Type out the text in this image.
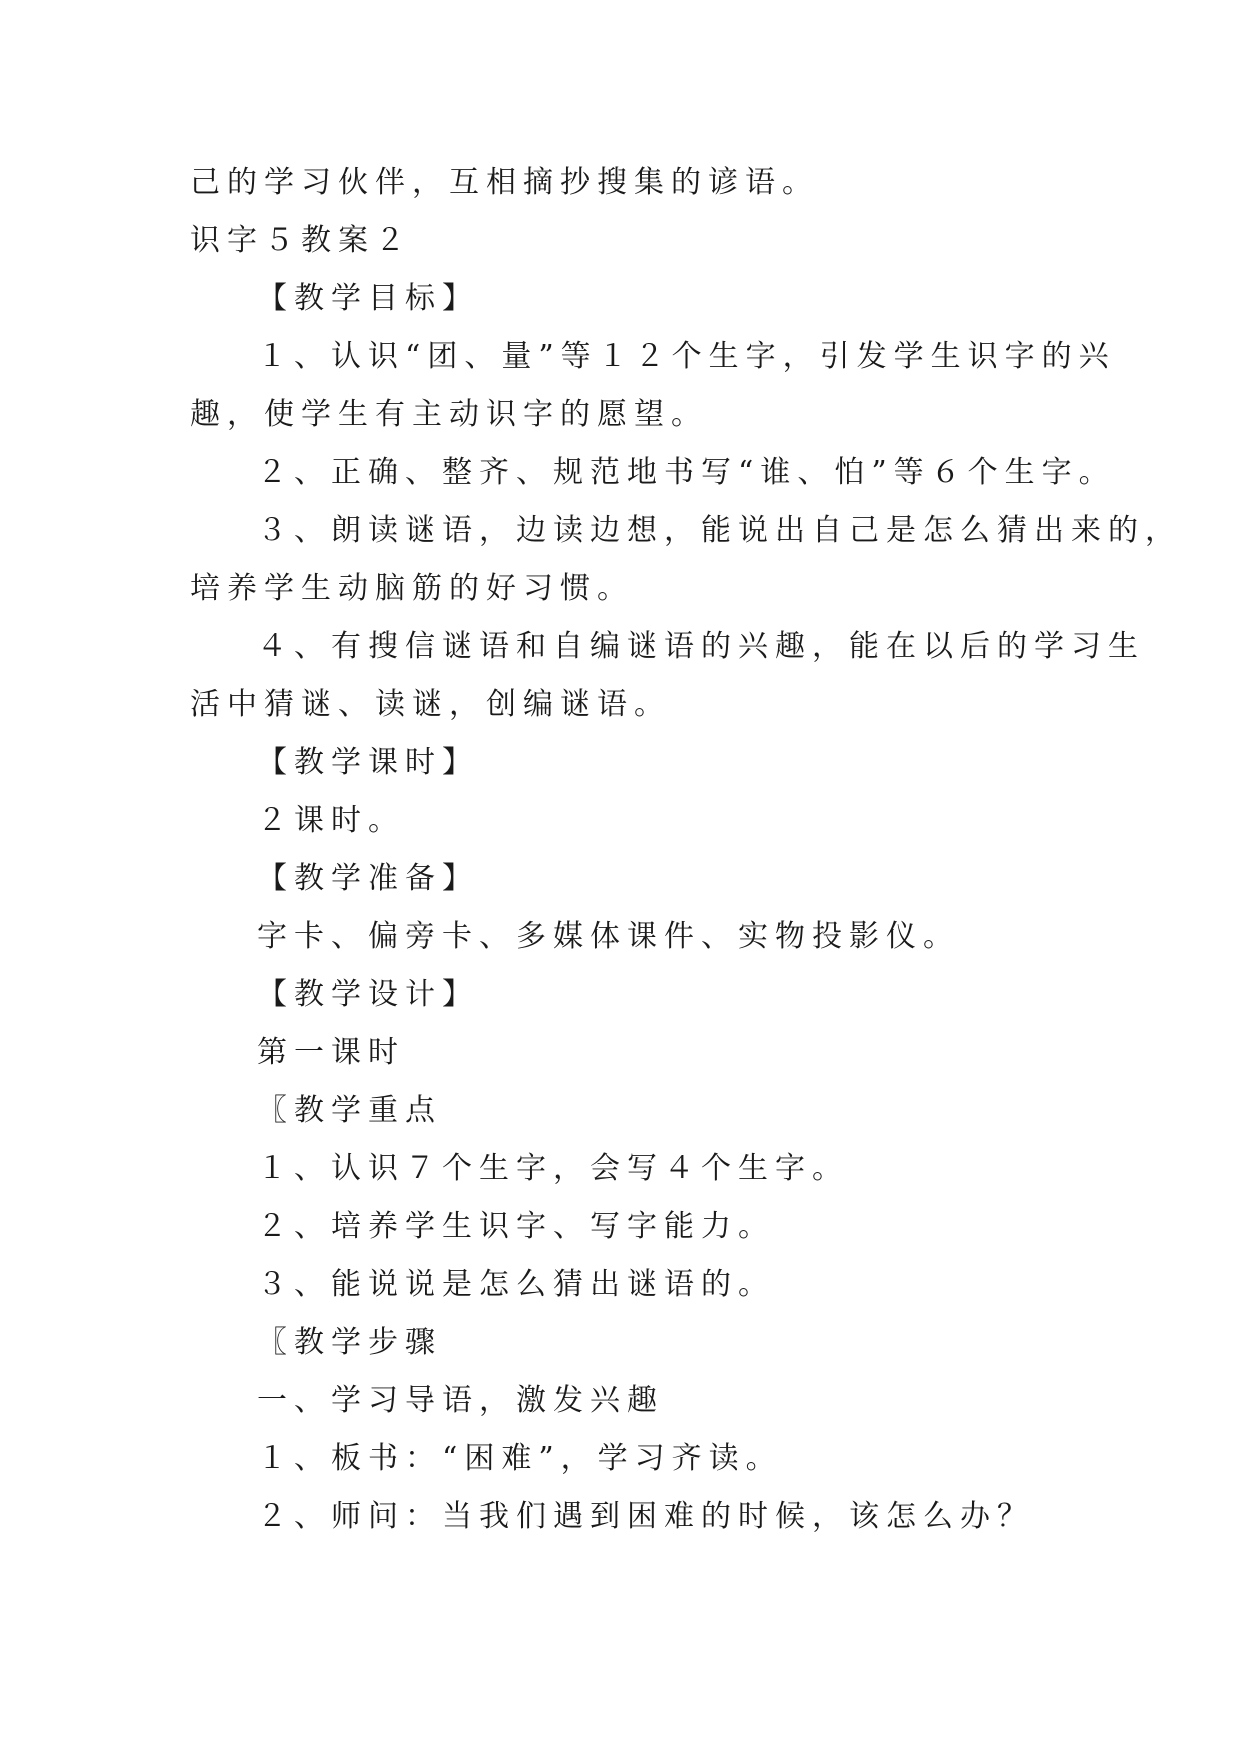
己的学习伙伴，互相摘抄搜集的谚语。
识字５教案２
【教学目标】
１、认识“团、量”等１２个生字，引发学生识字的兴
趣，使学生有主动识字的愿望。
２、正确、整齐、规范地书写“谁、怕”等６个生字。
３、朗读谜语，边读边想，能说出自己是怎么猜出来的，
培养学生动脑筋的好习惯。
４、有搜信谜语和自编谜语的兴趣，能在以后的学习生
活中猜谜、读谜，创编谜语。
【教学课时】
２课时。
【教学准备】
字卡、偏旁卡、多媒体课件、实物投影仪。
【教学设计】
第一课时
〖教学重点
１、认识７个生字，会写４个生字。
２、培养学生识字、写字能力。
３、能说说是怎么猜出谜语的。
〖教学步骤
一、学习导语，激发兴趣
１、板书：“困难”，学习齐读。
２、师问：当我们遇到困难的时候，该怎么办？
